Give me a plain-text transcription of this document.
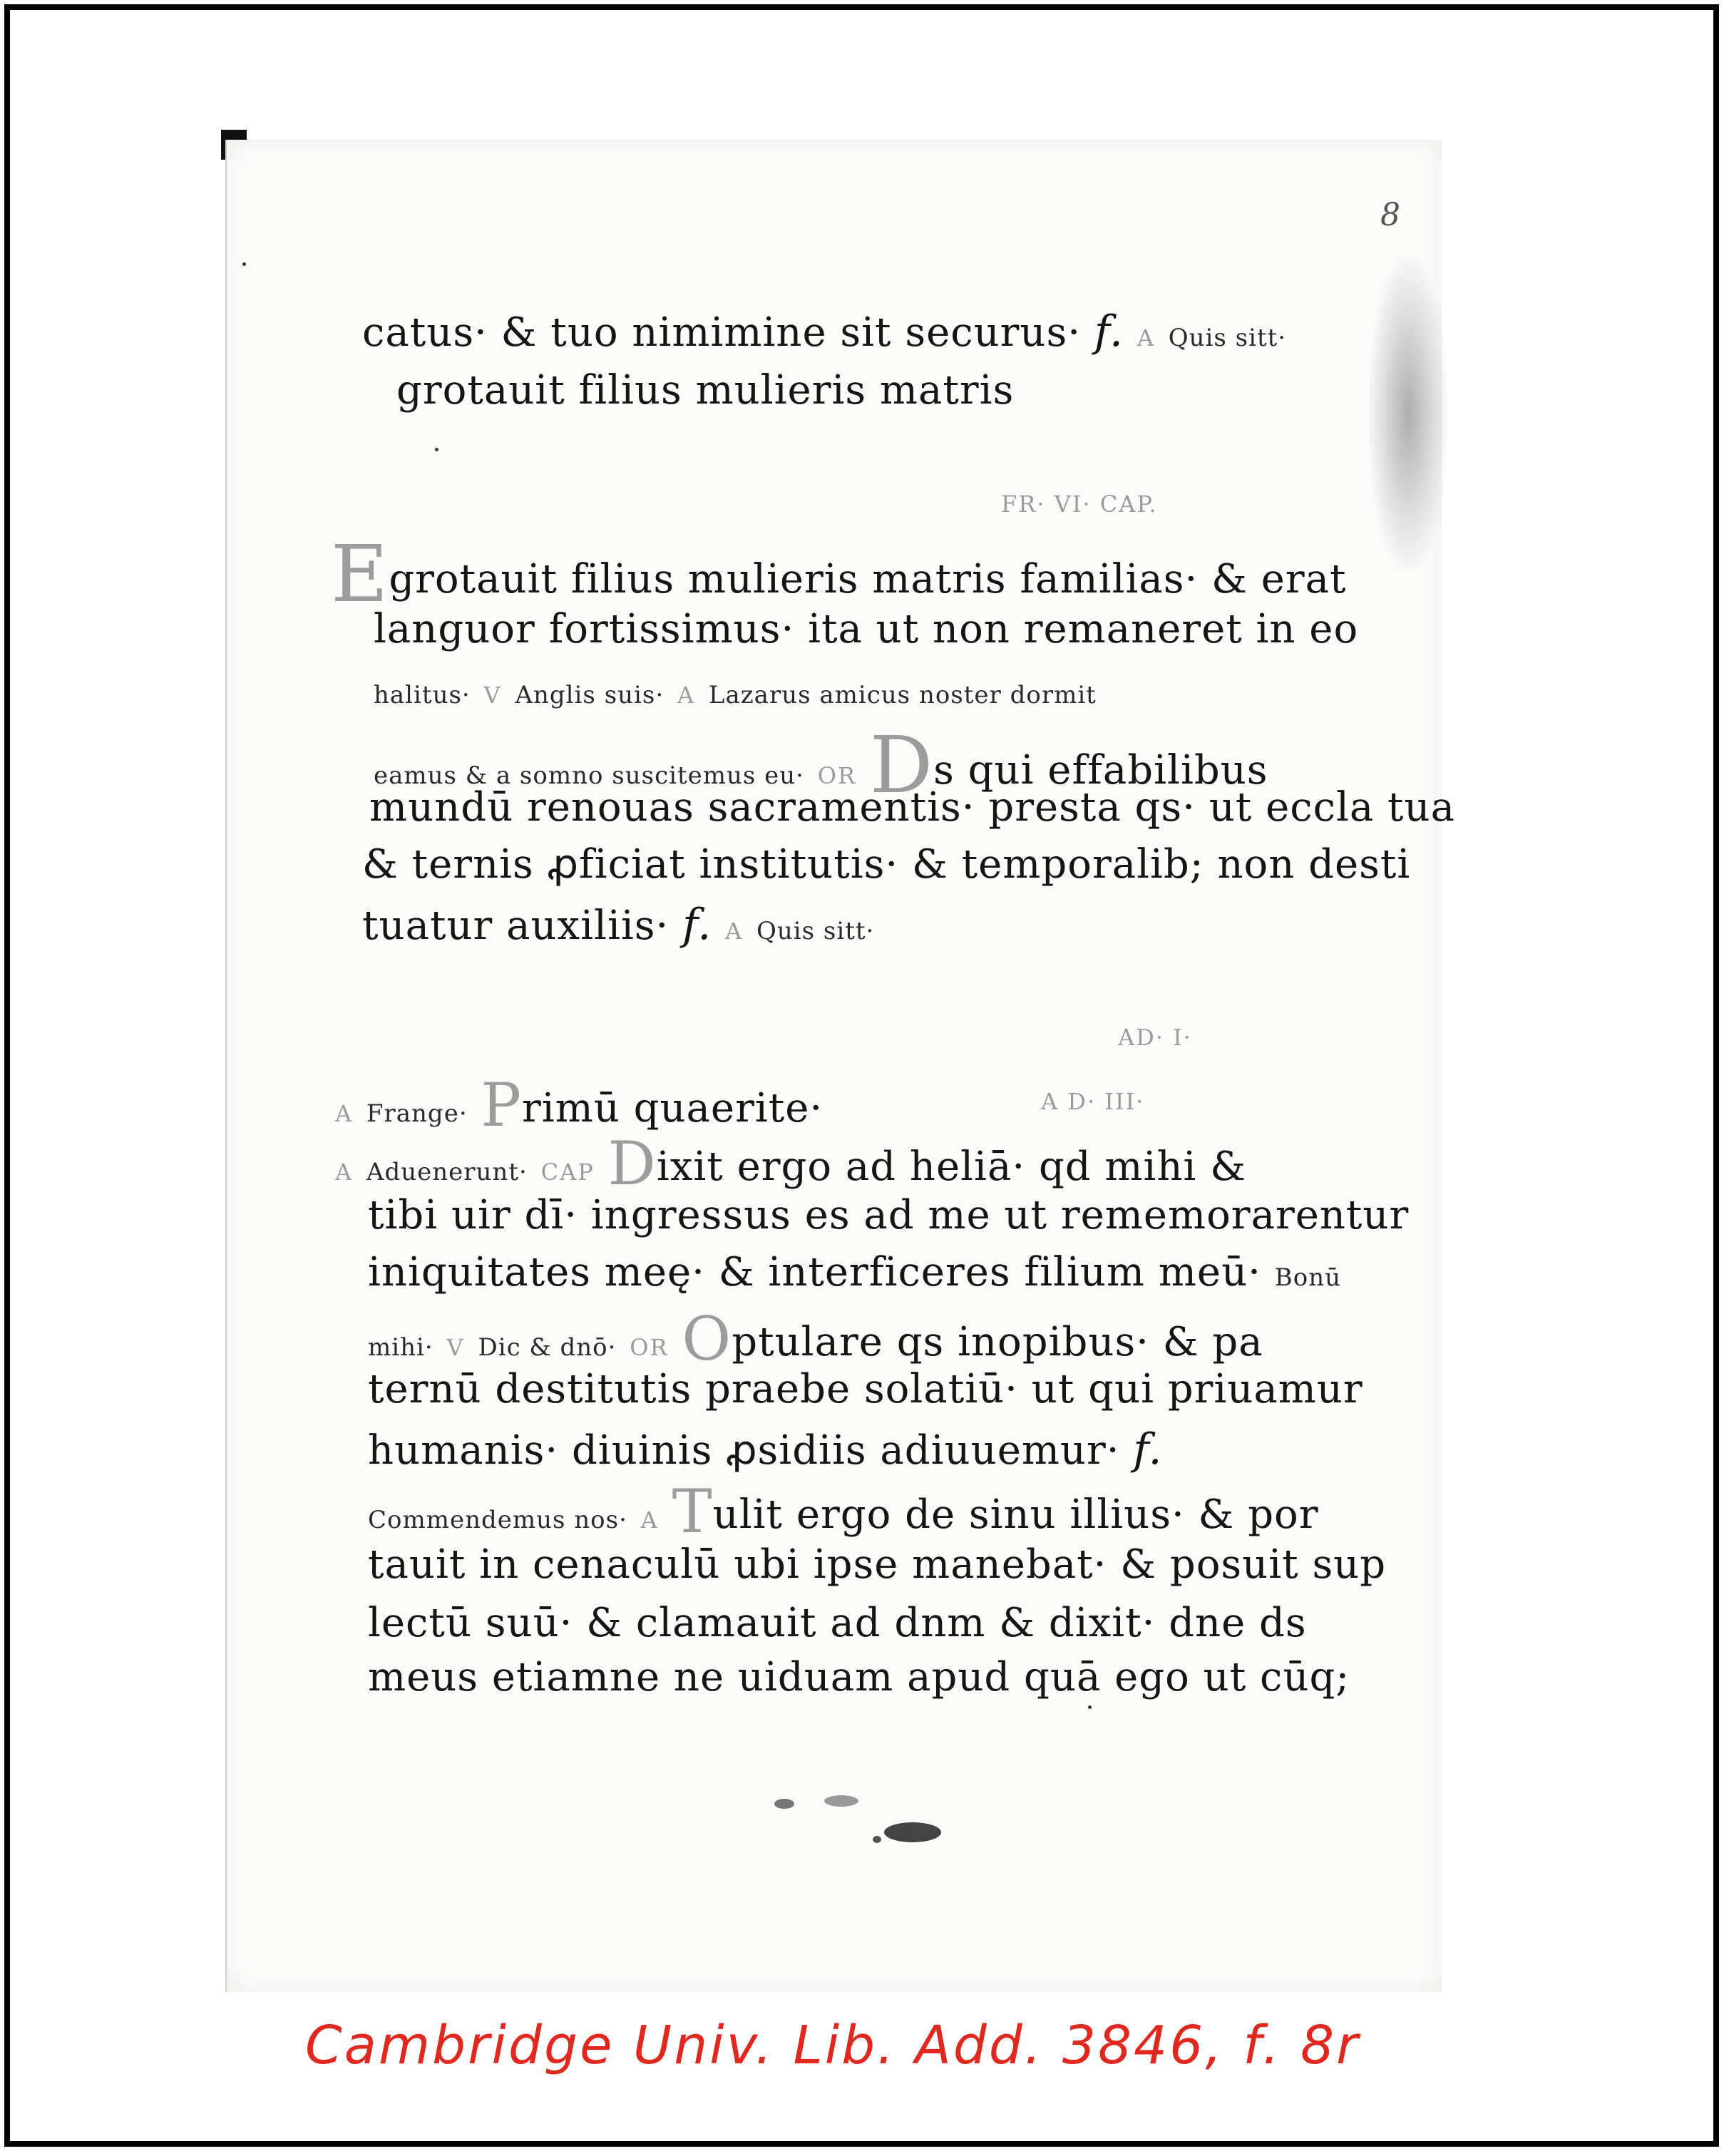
8
catus· & tuo nimimine sit securus· f. A Quis sitt·
grotauit filius mulieris matris
FR· VI· CAP.
Egrotauit filius mulieris matris familias· & erat
languor fortissimus· ita ut non remaneret in eo
halitus· V Anglis suis· A Lazarus amicus noster dormit
eamus & a somno suscitemus eu· OR Ds qui effabilibus
mundū renouas sacramentis· presta qs· ut eccla tua
& ternis ꝓficiat institutis· & temporalib; non desti
tuatur auxiliis· f. A Quis sitt·
AD· I·
A Frange· Primū quaerite·	A D· III·
A Aduenerunt· CAP Dixit ergo ad heliā· qd mihi &
tibi uir dī· ingressus es ad me ut rememorarentur
iniquitates meę· & interficeres filium meū· Bonū
mihi· V Dic & dnō· OR Optulare qs inopibus· & pa
ternū destitutis praebe solatiū· ut qui priuamur
humanis· diuinis ꝓsidiis adiuuemur· f.
Commendemus nos· A Tulit ergo de sinu illius· & por
tauit in cenaculū ubi ipse manebat· & posuit sup
lectū suū· & clamauit ad dnm & dixit· dne ds
meus etiamne ne uiduam apud quā ego ut cūq;
Cambridge Univ. Lib. Add. 3846, f. 8r
